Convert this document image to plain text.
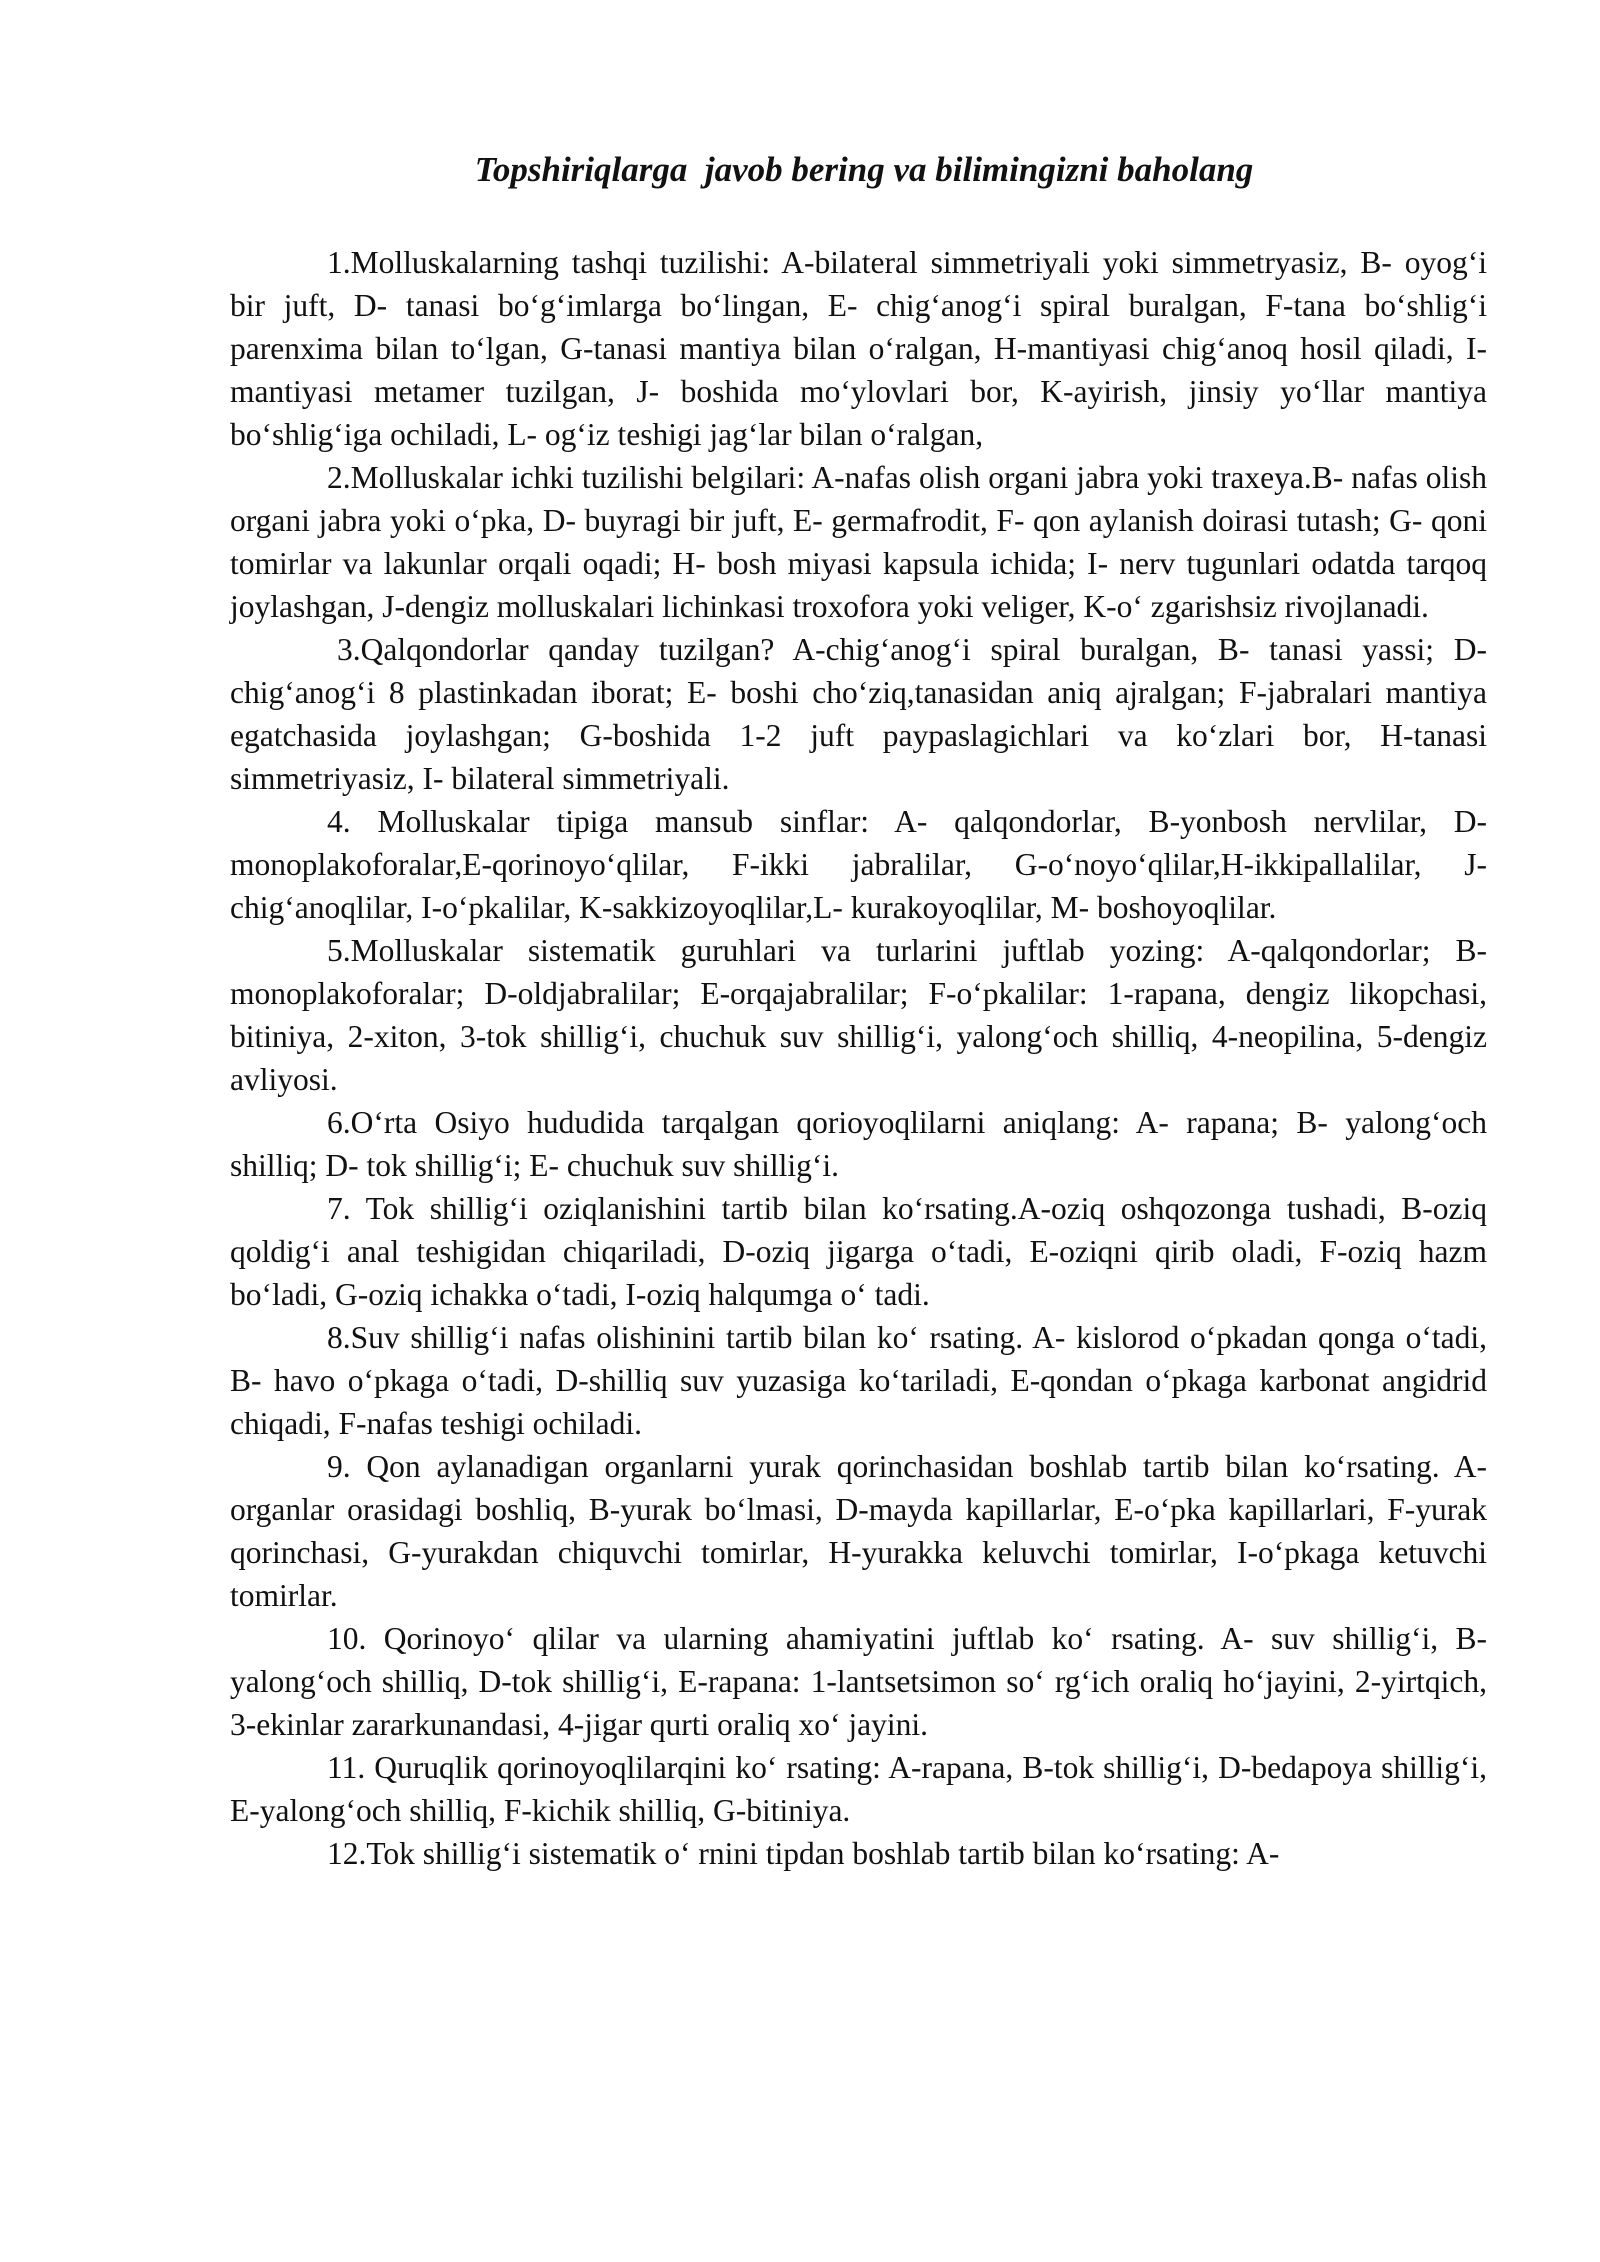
Topshiriqlarga  javob bering va bilimingizni baholang

1.Molluskalarning tashqi tuzilishi: A-bilateral simmetriyali yoki simmetryasiz, B- oyog‘i bir juft, D- tanasi bo‘g‘imlarga bo‘lingan, E- chig‘anog‘i spiral buralgan, F-tana bo‘shlig‘i parenxima bilan to‘lgan, G-tanasi mantiya bilan o‘ralgan, H-mantiyasi chig‘anoq hosil qiladi, I- mantiyasi metamer tuzilgan, J- boshida mo‘ylovlari bor, K-ayirish, jinsiy yo‘llar mantiya bo‘shlig‘iga ochiladi, L- og‘iz teshigi jag‘lar bilan o‘ralgan,

2.Molluskalar ichki tuzilishi belgilari: A-nafas olish organi jabra yoki traxeya.B- nafas olish organi jabra yoki o‘pka, D- buyragi bir juft, E- germafrodit, F- qon aylanish doirasi tutash; G- qoni tomirlar va lakunlar orqali oqadi; H- bosh miyasi kapsula ichida; I- nerv tugunlari odatda tarqoq joylashgan, J-dengiz molluskalari lichinkasi troxofora yoki veliger, K-o‘ zgarishsiz rivojlanadi.

3.Qalqondorlar qanday tuzilgan? A-chig‘anog‘i spiral buralgan, B- tanasi yassi; D-chig‘anog‘i 8 plastinkadan iborat; E- boshi cho‘ziq,tanasidan aniq ajralgan; F-jabralari mantiya egatchasida joylashgan; G-boshida 1-2 juft paypaslagichlari va ko‘zlari bor, H-tanasi simmetriyasiz, I- bilateral simmetriyali.

4. Molluskalar tipiga mansub sinflar: A- qalqondorlar, B-yonbosh nervlilar, D- monoplakoforalar,E-qorinoyo‘qlilar, F-ikki jabralilar, G-o‘noyo‘qlilar,H-ikkipallalilar, J-chig‘anoqlilar, I-o‘pkalilar, K-sakkizoyoqlilar,L- kurakoyoqlilar, M- boshoyoqlilar.

5.Molluskalar sistematik guruhlari va turlarini juftlab yozing: A-qalqondorlar; B-monoplakoforalar; D-oldjabralilar; E-orqajabralilar; F-o‘pkalilar: 1-rapana, dengiz likopchasi, bitiniya, 2-xiton, 3-tok shillig‘i, chuchuk suv shillig‘i, yalong‘och shilliq, 4-neopilina, 5-dengiz avliyosi.

6.O‘rta Osiyo hududida tarqalgan qorioyoqlilarni aniqlang: A- rapana; B- yalong‘och shilliq; D- tok shillig‘i; E- chuchuk suv shillig‘i.

7. Tok shillig‘i oziqlanishini tartib bilan ko‘rsating.A-oziq oshqozonga tushadi, B-oziq qoldig‘i anal teshigidan chiqariladi, D-oziq jigarga o‘tadi, E-oziqni qirib oladi, F-oziq hazm bo‘ladi, G-oziq ichakka o‘tadi, I-oziq halqumga o‘ tadi.

8.Suv shillig‘i nafas olishinini tartib bilan ko‘ rsating. A- kislorod o‘pkadan qonga o‘tadi, B- havo o‘pkaga o‘tadi, D-shilliq suv yuzasiga ko‘tariladi, E-qondan o‘pkaga karbonat angidrid chiqadi, F-nafas teshigi ochiladi.

9. Qon aylanadigan organlarni yurak qorinchasidan boshlab tartib bilan ko‘rsating. A-organlar orasidagi boshliq, B-yurak bo‘lmasi, D-mayda kapillarlar, E-o‘pka kapillarlari, F-yurak qorinchasi, G-yurakdan chiquvchi tomirlar, H-yurakka keluvchi tomirlar, I-o‘pkaga ketuvchi tomirlar.

10. Qorinoyo‘ qlilar va ularning ahamiyatini juftlab ko‘ rsating. A- suv shillig‘i, B-yalong‘och shilliq, D-tok shillig‘i, E-rapana: 1-lantsetsimon so‘ rg‘ich oraliq ho‘jayini, 2-yirtqich, 3-ekinlar zararkunandasi, 4-jigar qurti oraliq xo‘ jayini.

11. Quruqlik qorinoyoqlilarqini ko‘ rsating: A-rapana, B-tok shillig‘i, D-bedapoya shillig‘i, E-yalong‘och shilliq, F-kichik shilliq, G-bitiniya.

12.Tok shillig‘i sistematik o‘ rnini tipdan boshlab tartib bilan ko‘rsating: A-
